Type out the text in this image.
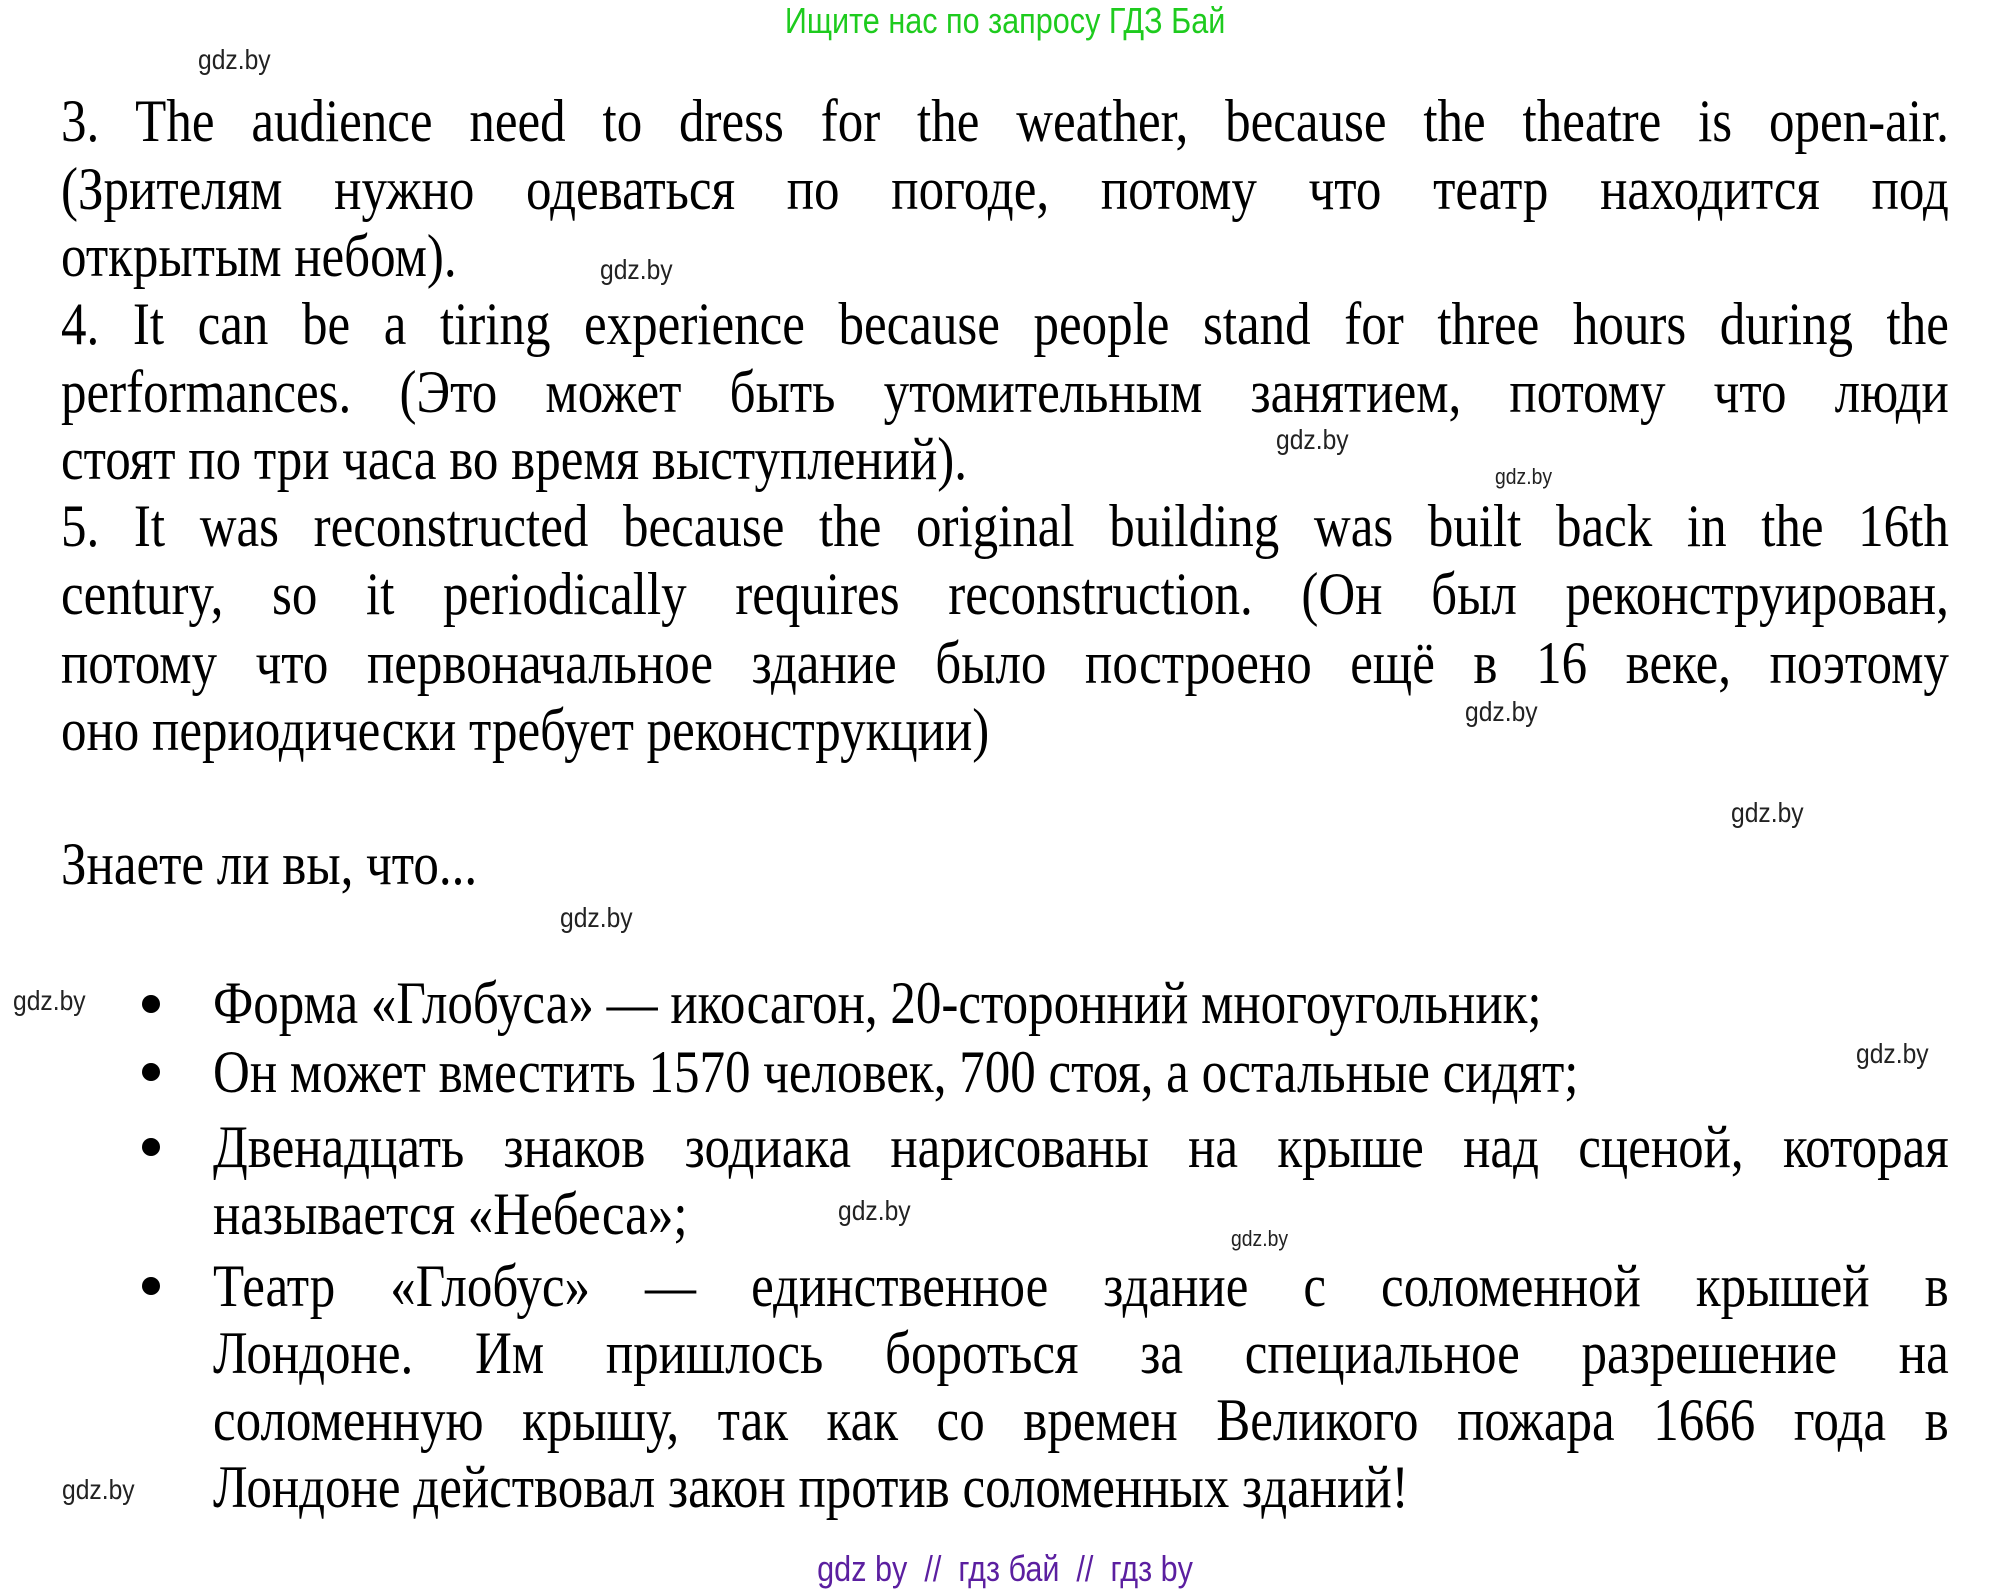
Ищите нас по запросу ГДЗ Бай
3. The audience need to dress for the weather, because the theatre is open-air.
(Зрителям нужно одеваться по погоде, потому что театр находится под
открытым небом).
4. It can be a tiring experience because people stand for three hours during the
performances. (Это может быть утомительным занятием, потому что люди
стоят по три часа во время выступлений).
5. It was reconstructed because the original building was built back in the 16th
century, so it periodically requires reconstruction. (Он был реконструирован,
потому что первоначальное здание было построено ещё в 16 веке, поэтому
оно периодически требует реконструкции)
Знаете ли вы, что...
Форма «Глобуса» — икосагон, 20-сторонний многоугольник;
Он может вместить 1570 человек, 700 стоя, а остальные сидят;
Двенадцать знаков зодиака нарисованы на крыше над сценой, которая
называется «Небеса»;
Театр «Глобус» — единственное здание с соломенной крышей в
Лондоне. Им пришлось бороться за специальное разрешение на
соломенную крышу, так как со времен Великого пожара 1666 года в
Лондоне действовал закон против соломенных зданий!
gdz.by
gdz.by
gdz.by
gdz.by
gdz.by
gdz.by
gdz.by
gdz.by
gdz.by
gdz.by
gdz.by
gdz.by
gdz by  //  гдз бай  //  гдз by
